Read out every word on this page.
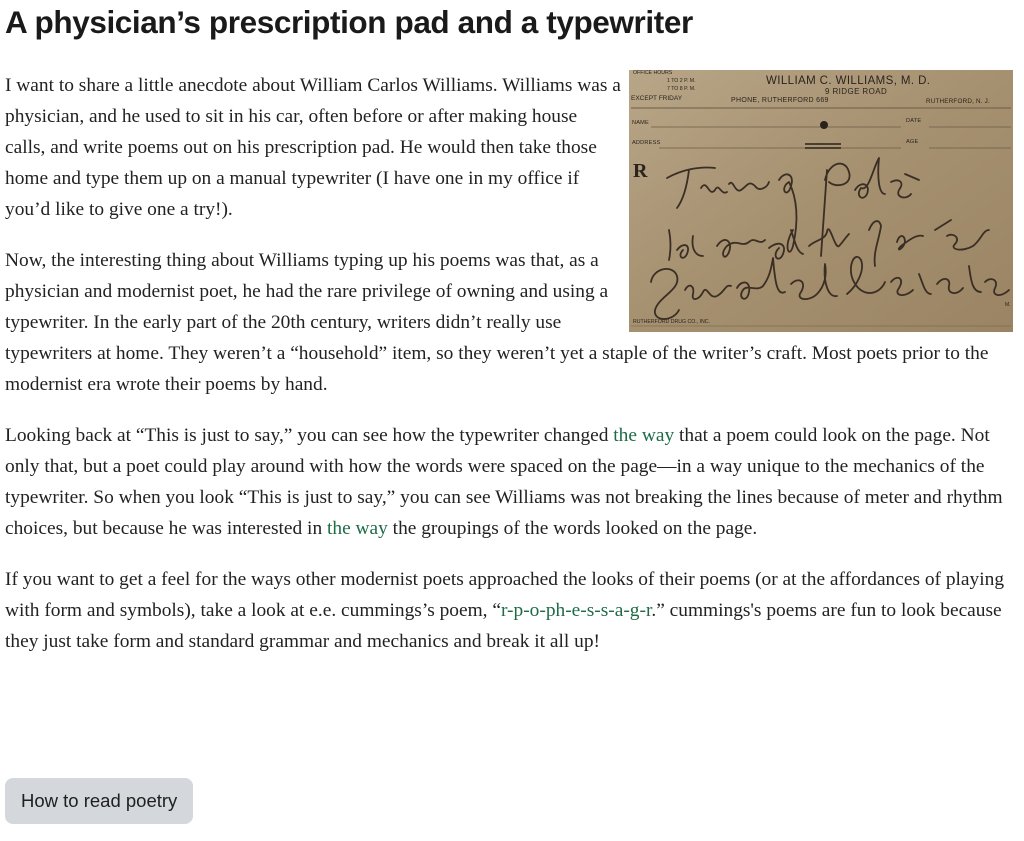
A physician’s prescription pad and a typewriter
OFFICE HOURS
1 TO 2 P. M.
7 TO 8 P. M.
EXCEPT FRIDAY
WILLIAM C. WILLIAMS, M. D.
9 RIDGE ROAD
PHONE, RUTHERFORD 669	RUTHERFORD, N. J.
NAME
ADDRESS
DATE
AGE
R
RUTHERFORD DRUG CO., INC.
M.

I want to share a little anecdote about William Carlos Williams. Williams was a physician, and he used to sit in his car, often before or after making house calls, and write poems out on his prescription pad. He would then take those home and type them up on a manual typewriter (I have one in my office if you’d like to give one a try!).

Now, the interesting thing about Williams typing up his poems was that, as a physician and modernist poet, he had the rare privilege of owning and using a typewriter. In the early part of the 20th century, writers didn’t really use typewriters at home. They weren’t a “household” item, so they weren’t yet a staple of the writer’s craft. Most poets prior to the modernist era wrote their poems by hand.

Looking back at “This is just to say,” you can see how the typewriter changed the way that a poem could look on the page. Not only that, but a poet could play around with how the words were spaced on the page—in a way unique to the mechanics of the typewriter. So when you look “This is just to say,” you can see Williams was not breaking the lines because of meter and rhythm choices, but because he was interested in the way the groupings of the words looked on the page.

If you want to get a feel for the ways other modernist poets approached the looks of their poems (or at the affordances of playing with form and symbols), take a look at e.e. cummings’s poem, “r-p-o-ph-e-s-s-a-g-r.” cummings's poems are fun to look because they just take form and standard grammar and mechanics and break it all up!

How to read poetry
